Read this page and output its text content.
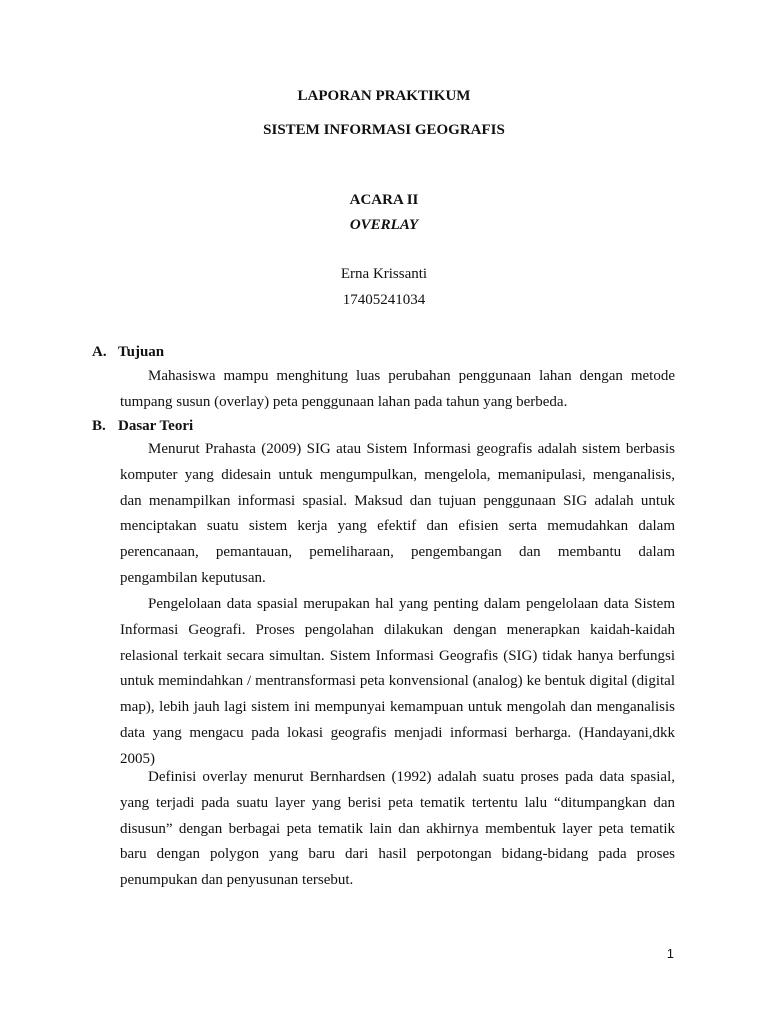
LAPORAN PRAKTIKUM
SISTEM INFORMASI GEOGRAFIS
ACARA II
OVERLAY
Erna Krissanti
17405241034
A. Tujuan

Mahasiswa mampu menghitung luas perubahan penggunaan lahan dengan metode tumpang susun (overlay) peta penggunaan lahan pada tahun yang berbeda.

B. Dasar Teori

Menurut Prahasta (2009) SIG atau Sistem Informasi geografis adalah sistem berbasis komputer yang didesain untuk mengumpulkan, mengelola, memanipulasi, menganalisis, dan menampilkan informasi spasial. Maksud dan tujuan penggunaan SIG adalah untuk menciptakan suatu sistem kerja yang efektif dan efisien serta memudahkan dalam perencanaan, pemantauan, pemeliharaan, pengembangan dan membantu dalam pengambilan keputusan.

Pengelolaan data spasial merupakan hal yang penting dalam pengelolaan data Sistem Informasi Geografi. Proses pengolahan dilakukan dengan menerapkan kaidah-kaidah relasional terkait secara simultan. Sistem Informasi Geografis (SIG) tidak hanya berfungsi untuk memindahkan / mentransformasi peta konvensional (analog) ke bentuk digital (digital map), lebih jauh lagi sistem ini mempunyai kemampuan untuk mengolah dan menganalisis data yang mengacu pada lokasi geografis menjadi informasi berharga. (Handayani,dkk 2005)

Definisi overlay menurut Bernhardsen (1992) adalah suatu proses pada data spasial, yang terjadi pada suatu layer yang berisi peta tematik tertentu lalu “ditumpangkan dan disusun” dengan berbagai peta tematik lain dan akhirnya membentuk layer peta tematik baru dengan polygon yang baru dari hasil perpotongan bidang-bidang pada proses penumpukan dan penyusunan tersebut.

1
